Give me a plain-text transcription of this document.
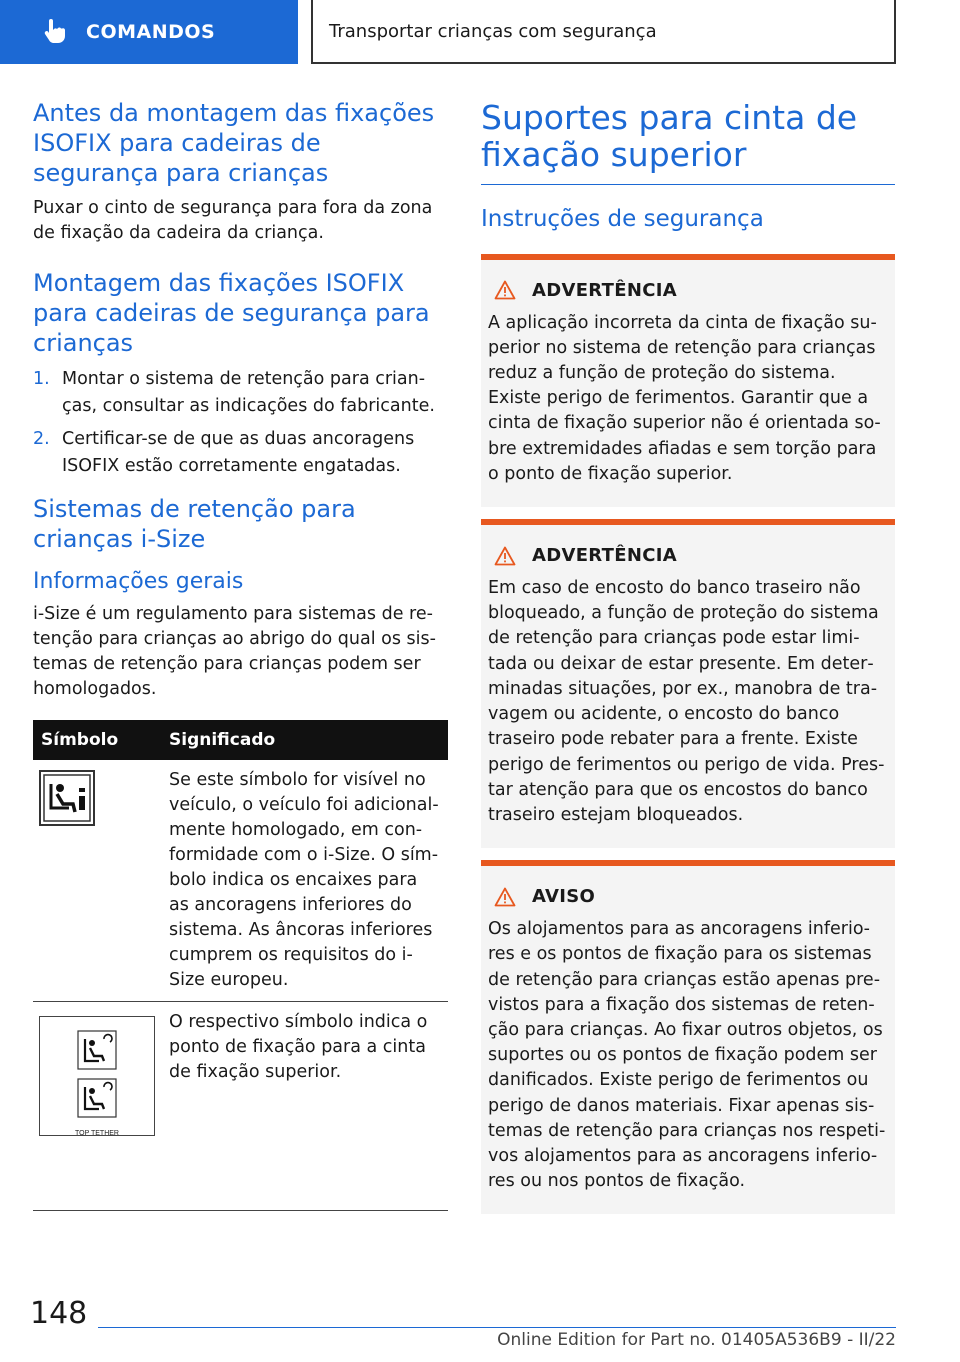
COMANDOS	Transportar crianças com segurança
Antes da montagem das fixações ISOFIX para cadeiras de segurança para crianças

Puxar o cinto de segurança para fora da zona de fixação da cadeira da criança.

Montagem das fixações ISOFIX para cadeiras de segurança para crianças
1. Montar o sistema de retenção para crianças, consultar as indicações do fabricante.
2. Certificar-se de que as duas ancoragens ISOFIX estão corretamente engatadas.
Sistemas de retenção para crianças i-Size
Informações gerais

i-Size é um regulamento para sistemas de retenção para crianças ao abrigo do qual os sistemas de retenção para crianças podem ser homologados.

Símbolo	Significado
	Se este símbolo for visível no veículo, o veículo foi adicionalmente homologado, em conformidade com o i-Size. O símbolo indica os encaixes para as ancoragens inferiores do sistema. As âncoras inferiores cumprem os requisitos do i-Size europeu.

TOP TETHER	O respectivo símbolo indica o ponto de fixação para a cinta de fixação superior.
Suportes para cinta de fixação superior
Instruções de segurança
ADVERTÊNCIA

A aplicação incorreta da cinta de fixação superior no sistema de retenção para crianças reduz a função de proteção do sistema. Existe perigo de ferimentos. Garantir que a cinta de fixação superior não é orientada sobre extremidades afiadas e sem torção para o ponto de fixação superior.

ADVERTÊNCIA

Em caso de encosto do banco traseiro não bloqueado, a função de proteção do sistema de retenção para crianças pode estar limitada ou deixar de estar presente. Em determinadas situações, por ex., manobra de travagem ou acidente, o encosto do banco traseiro pode rebater para a frente. Existe perigo de ferimentos ou perigo de vida. Prestar atenção para que os encostos do banco traseiro estejam bloqueados.

AVISO

Os alojamentos para as ancoragens inferiores e os pontos de fixação para os sistemas de retenção para crianças estão apenas previstos para a fixação dos sistemas de retenção para crianças. Ao fixar outros objetos, os suportes ou os pontos de fixação podem ser danificados. Existe perigo de ferimentos ou perigo de danos materiais. Fixar apenas sistemas de retenção para crianças nos respetivos alojamentos para as ancoragens inferiores ou nos pontos de fixação.

148
Online Edition for Part no. 01405A536B9 - II/22
